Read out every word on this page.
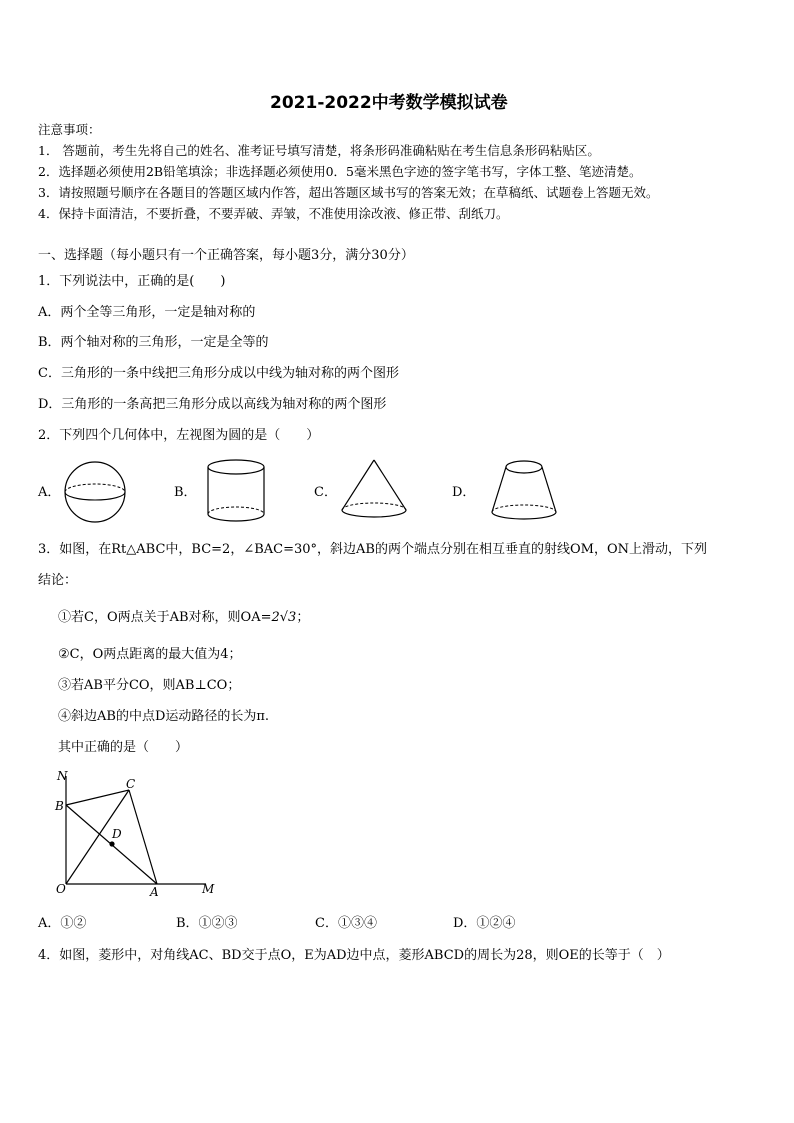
2021-2022中考数学模拟试卷
注意事项：
1． 答题前，考生先将自己的姓名、准考证号填写清楚，将条形码准确粘贴在考生信息条形码粘贴区。
2．选择题必须使用2B铅笔填涂；非选择题必须使用0．5毫米黑色字迹的签字笔书写，字体工整、笔迹清楚。
3．请按照题号顺序在各题目的答题区域内作答，超出答题区域书写的答案无效；在草稿纸、试题卷上答题无效。
4．保持卡面清洁，不要折叠，不要弄破、弄皱，不准使用涂改液、修正带、刮纸刀。
一、选择题（每小题只有一个正确答案，每小题3分，满分30分）
1．下列说法中，正确的是(　　)
A．两个全等三角形，一定是轴对称的
B．两个轴对称的三角形，一定是全等的
C．三角形的一条中线把三角形分成以中线为轴对称的两个图形
D．三角形的一条高把三角形分成以高线为轴对称的两个图形
2．下列四个几何体中，左视图为圆的是（　　）
A．	B．	C．	D．
3．如图，在Rt△ABC中，BC=2，∠BAC=30°，斜边AB的两个端点分别在相互垂直的射线OM，ON上滑动，下列
结论：
①若C，O两点关于AB对称，则OA=2√3；
②C，O两点距离的最大值为4；
③若AB平分CO，则AB⊥CO；
④斜边AB的中点D运动路径的长为π.
其中正确的是（　　）
N
B
C
D
O	A	M
A．①②	B．①②③	C．①③④	D．①②④
4．如图，菱形中，对角线AC、BD交于点O，E为AD边中点，菱形ABCD的周长为28，则OE的长等于（　）
